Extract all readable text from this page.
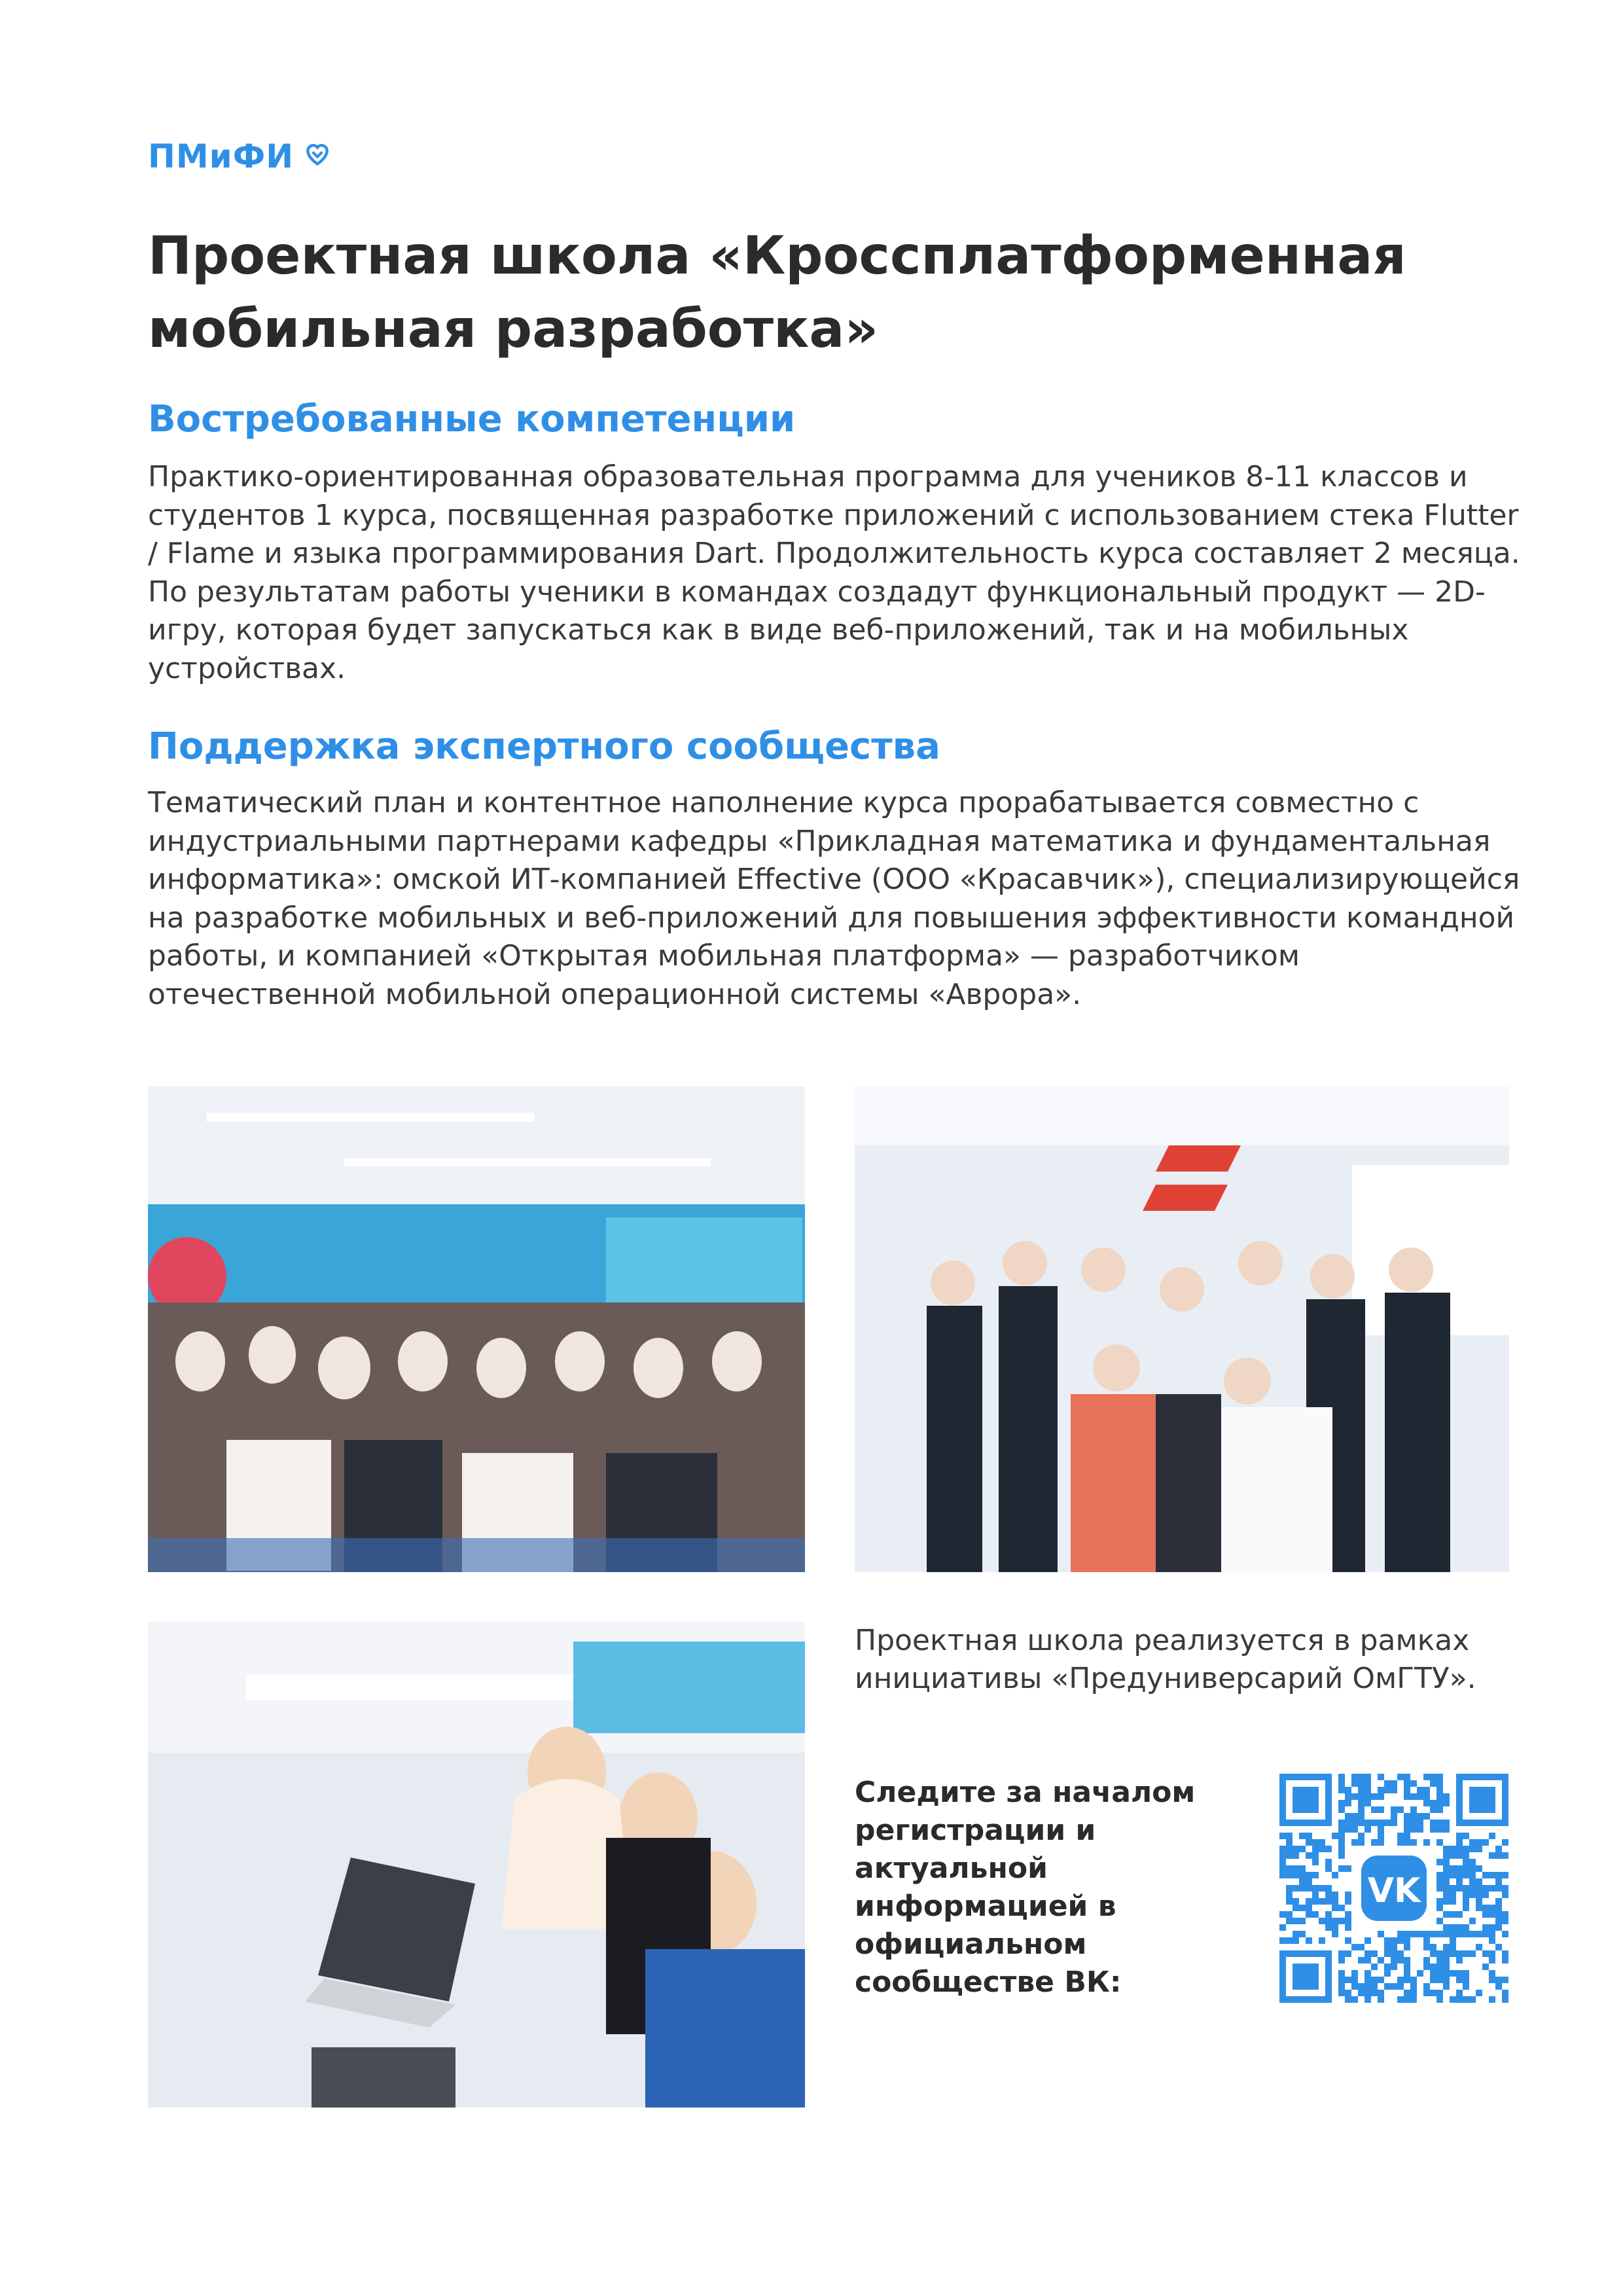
ПМиФИ
Проектная школа «Кроссплатформенная мобильная разработка»
Востребованные компетенции

Практико-ориентированная образовательная программа для учеников 8-11 классов и студентов 1 курса, посвященная разработке приложений с использованием стека Flutter / Flame и языка программирования Dart. Продолжительность курса составляет 2 месяца. По результатам работы ученики в командах создадут функциональный продукт — 2D-игру, которая будет запускаться как в виде веб-приложений, так и на мобильных устройствах.

Поддержка экспертного сообщества

Тематический план и контентное наполнение курса прорабатывается совместно с индустриальными партнерами кафедры «Прикладная математика и фундаментальная информатика»: омской ИТ-компанией Effective (ООО «Красавчик»), специализирующейся на разработке мобильных и веб-приложений для повышения эффективности командной работы, и компанией «Открытая мобильная платформа» — разработчиком отечественной мобильной операционной системы «Аврора».

Проектная школа реализуется в рамках инициативы «Предуниверсарий ОмГТУ».

Следите за началом регистрации и актуальной информацией в официальном сообществе ВК:

VK
